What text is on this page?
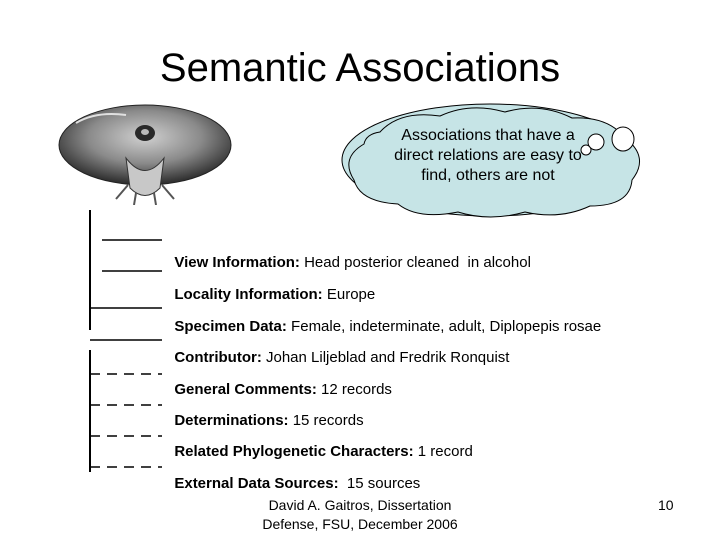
Semantic Associations
Associations that have a direct relations are easy to find, others are not

View Information: Head posterior cleaned  in alcohol

Locality Information: Europe

Specimen Data: Female, indeterminate, adult, Diplopepis rosae

Contributor: Johan Liljeblad and Fredrik Ronquist

General Comments: 12 records

Determinations: 15 records

Related Phylogenetic Characters: 1 record

External Data Sources:  15 sources

David A. Gaitros, Dissertation
Defense, FSU, December 2006
10
